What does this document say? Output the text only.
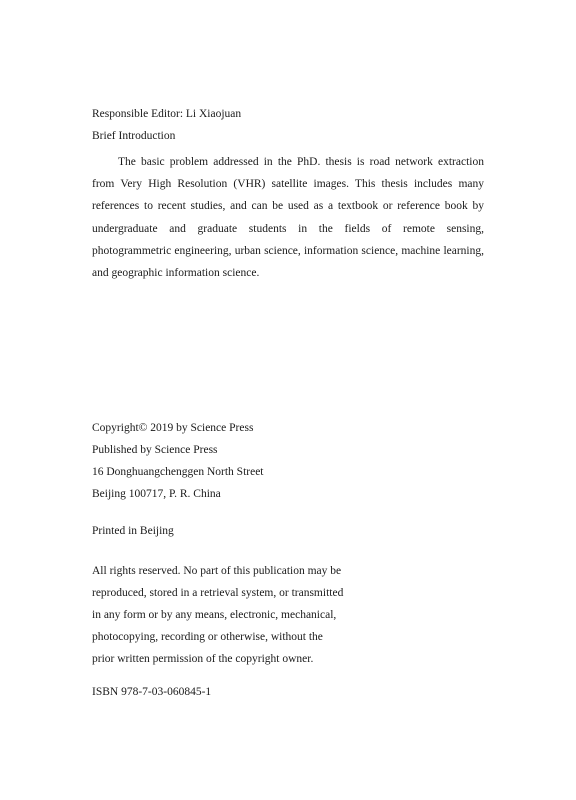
Responsible Editor: Li Xiaojuan
Brief Introduction

The basic problem addressed in the PhD. thesis is road network extraction from Very High Resolution (VHR) satellite images. This thesis includes many references to recent studies, and can be used as a textbook or reference book by undergraduate and graduate students in the fields of remote sensing, photogrammetric engineering, urban science, information science, machine learning, and geographic information science.

Copyright© 2019 by Science Press
Published by Science Press
16 Donghuangchenggen North Street
Beijing 100717, P. R. China
Printed in Beijing
All rights reserved. No part of this publication may be
reproduced, stored in a retrieval system, or transmitted
in any form or by any means, electronic, mechanical,
photocopying, recording or otherwise, without the
prior written permission of the copyright owner.
ISBN 978-7-03-060845-1
